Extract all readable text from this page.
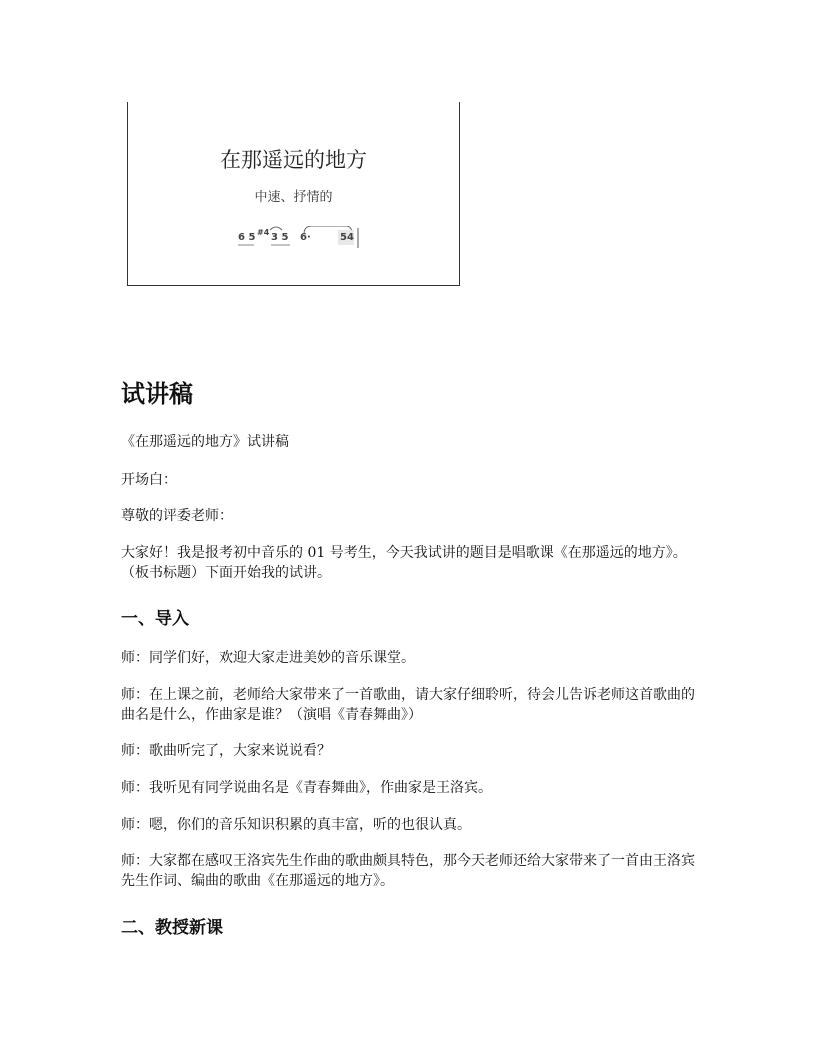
在那遥远的地方
中速、抒情的
6 5 #4 3 5 6·	54
试讲稿

《在那遥远的地方》试讲稿

开场白：

尊敬的评委老师：

大家好！我是报考初中音乐的 01 号考生，今天我试讲的题目是唱歌课《在那遥远的地方》。（板书标题）下面开始我的试讲。

一、导入

师：同学们好，欢迎大家走进美妙的音乐课堂。

师：在上课之前，老师给大家带来了一首歌曲，请大家仔细聆听，待会儿告诉老师这首歌曲的曲名是什么，作曲家是谁？（演唱《青春舞曲》）

师：歌曲听完了，大家来说说看？

师：我听见有同学说曲名是《青春舞曲》，作曲家是王洛宾。

师：嗯，你们的音乐知识积累的真丰富，听的也很认真。

师：大家都在感叹王洛宾先生作曲的歌曲颇具特色，那今天老师还给大家带来了一首由王洛宾先生作词、编曲的歌曲《在那遥远的地方》。

二、教授新课
